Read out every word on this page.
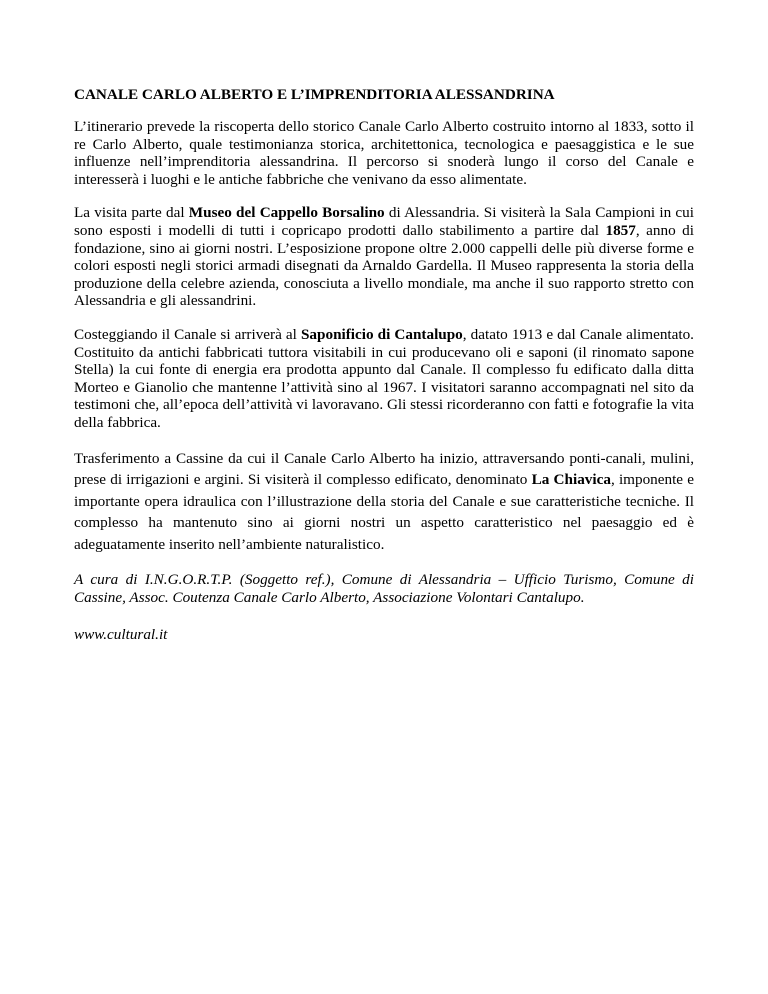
CANALE CARLO ALBERTO E L’IMPRENDITORIA ALESSANDRINA

L’itinerario prevede la riscoperta dello storico Canale Carlo Alberto costruito intorno al 1833, sotto il re Carlo Alberto, quale testimonianza storica, architettonica, tecnologica e paesaggistica e le sue influenze nell’imprenditoria alessandrina. Il percorso si snoderà lungo il corso del Canale e interesserà i luoghi e le antiche fabbriche che venivano da esso alimentate.

La visita parte dal Museo del Cappello Borsalino di Alessandria. Si visiterà la Sala Campioni in cui sono esposti i modelli di tutti i copricapo prodotti dallo stabilimento a partire dal 1857, anno di fondazione, sino ai giorni nostri. L’esposizione propone oltre 2.000 cappelli delle più diverse forme e colori esposti negli storici armadi disegnati da Arnaldo Gardella. Il Museo rappresenta la storia della produzione della celebre azienda, conosciuta a livello mondiale, ma anche il suo rapporto stretto con Alessandria e gli alessandrini.

Costeggiando il Canale si arriverà al Saponificio di Cantalupo, datato 1913 e dal Canale alimentato. Costituito da antichi fabbricati tuttora visitabili in cui producevano oli e saponi (il rinomato sapone Stella) la cui fonte di energia era prodotta appunto dal Canale. Il complesso fu edificato dalla ditta Morteo e Gianolio che mantenne l’attività sino al 1967. I visitatori saranno accompagnati nel sito da testimoni che, all’epoca dell’attività vi lavoravano. Gli stessi ricorderanno con fatti e fotografie la vita della fabbrica.

Trasferimento a Cassine da cui il Canale Carlo Alberto ha inizio, attraversando ponti-canali, mulini, prese di irrigazioni e argini. Si visiterà il complesso edificato, denominato La Chiavica, imponente e importante opera idraulica con l’illustrazione della storia del Canale e sue caratteristiche tecniche. Il complesso ha mantenuto sino ai giorni nostri un aspetto caratteristico nel paesaggio ed è adeguatamente inserito nell’ambiente naturalistico.

A cura di I.N.G.O.R.T.P. (Soggetto ref.), Comune di Alessandria – Ufficio Turismo, Comune di Cassine, Assoc. Coutenza Canale Carlo Alberto, Associazione Volontari Cantalupo.

www.cultural.it
